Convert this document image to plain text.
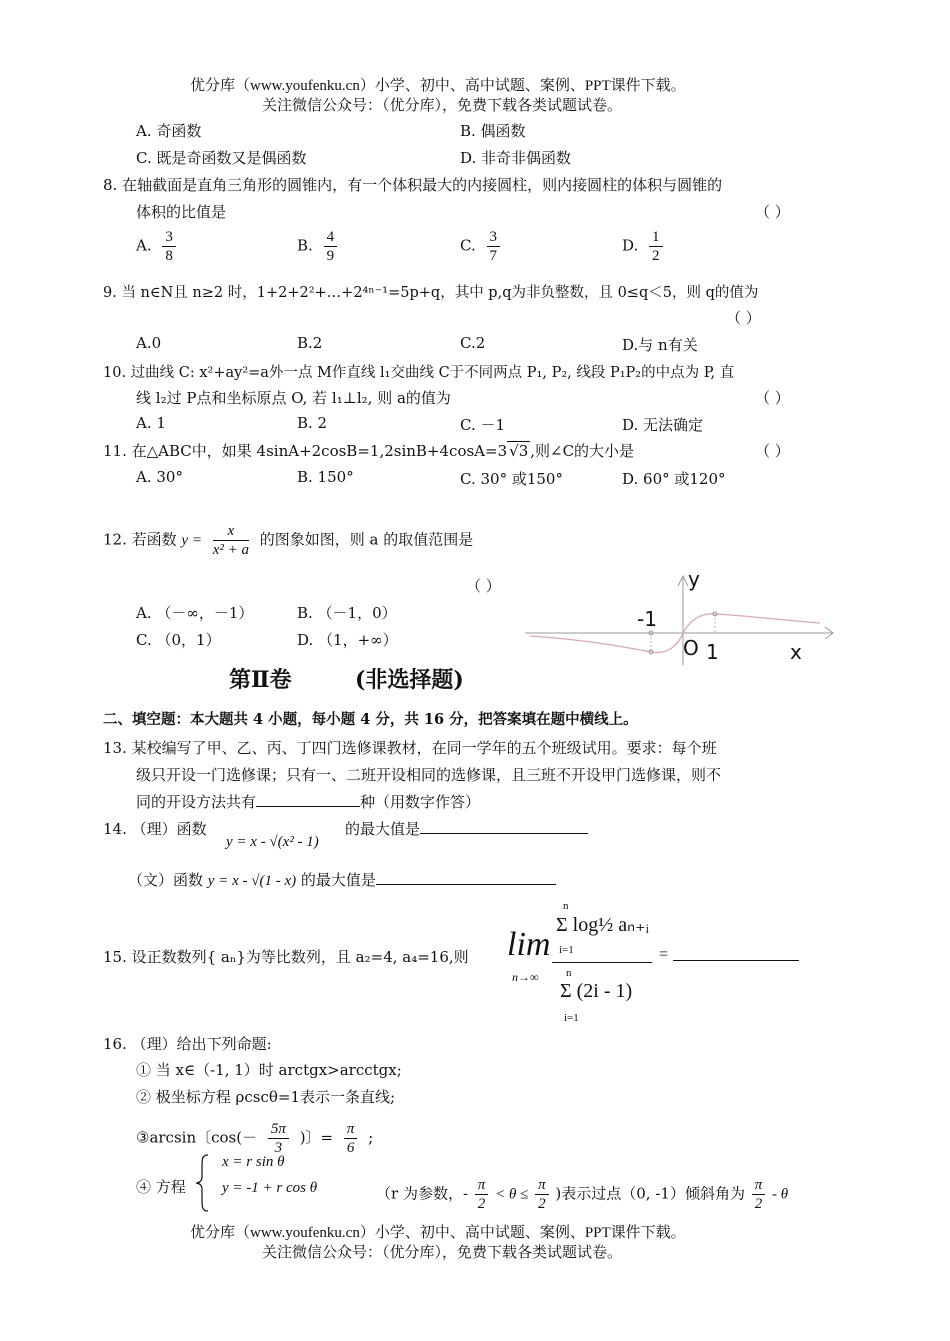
优分库（www.youfenku.cn）小学、初中、高中试题、案例、PPT课件下载。
关注微信公众号：（优分库），免费下载各类试题试卷。
A. 奇函数	B. 偶函数
C. 既是奇函数又是偶函数	D. 非奇非偶函数
8. 在轴截面是直角三角形的圆锥内，有一个体积最大的内接圆柱，则内接圆柱的体积与圆锥的
体积的比值是	（ ）
A. $\frac{3}{8}$	B. $\frac{4}{9}$	C. $\frac{3}{7}$	D. $\frac{1}{2}$
9. 当 n∈N且 n≥2 时，1+2+2²+…+2⁴ⁿ⁻¹=5p+q，其中 p,q为非负整数，且 0≤q＜5，则 q的值为
（ ）
A.0	B.2	C.2	D.与 n有关
10. 过曲线 C: x²+ay²=a外一点 M作直线 l₁交曲线 C于不同两点 P₁, P₂, 线段 P₁P₂的中点为 P, 直
线 l₂过 P点和坐标原点 O, 若 l₁⊥l₂, 则 a的值为	（ ）
A. 1	B. 2	C. －1	D. 无法确定
11. 在△ABC中，如果 4sinA+2cosB=1,2sinB+4cosA=3 √3 ,则∠C的大小是	（ ）
A. 30°	B. 150°	C. 30° 或150°	D. 60° 或120°
12. 若函数 $y = \frac{x}{\text{x² + a}}$ 的图象如图，则 a 的取值范围是
（ ）
A. （－∞，－1）	B. （－1，0）
C. （0，1）	D. （1，+∞）
y
-1
O 1	x
第Ⅱ卷	(非选择题)
二、填空题：本大题共 4 小题，每小题 4 分，共 16 分，把答案填在题中横线上。
13. 某校编写了甲、乙、丙、丁四门选修课教材，在同一学年的五个班级试用。要求：每个班
级只开设一门选修课；只有一、二班开设相同的选修课，且三班不开设甲门选修课，则不
同的开设方法共有	种（用数字作答）
14. （理）函数
y = x - √(x² - 1)
的最大值是
（文）函数 y = x - √(1 - x) 的最大值是
15. 设正数数列{ aₙ}为等比数列，且 a₂=4, a₄=16,则 lim
n→∞
n
i=1
Σ log½ aₙ₊ᵢ
n
i=1
Σ (2i - 1)
=
16. （理）给出下列命题:
① 当 x∈（-1, 1）时 arctgx>arcctgx;
② 极坐标方程 ρcscθ=1表示一条直线;
③arcsin〔$\cos(- \frac{5\pi}{3}$ )〕= $\frac{\pi}{6}$ ;
④ 方程
x = r sin θ
y = -1 + r cos θ	（r 为参数，- $\frac{\pi}{2} < \theta \le \frac{\pi}{2}$ )表示过点（0, -1）倾斜角为 $\frac{\pi}{2}$ - θ
优分库（www.youfenku.cn）小学、初中、高中试题、案例、PPT课件下载。
关注微信公众号：（优分库），免费下载各类试题试卷。
